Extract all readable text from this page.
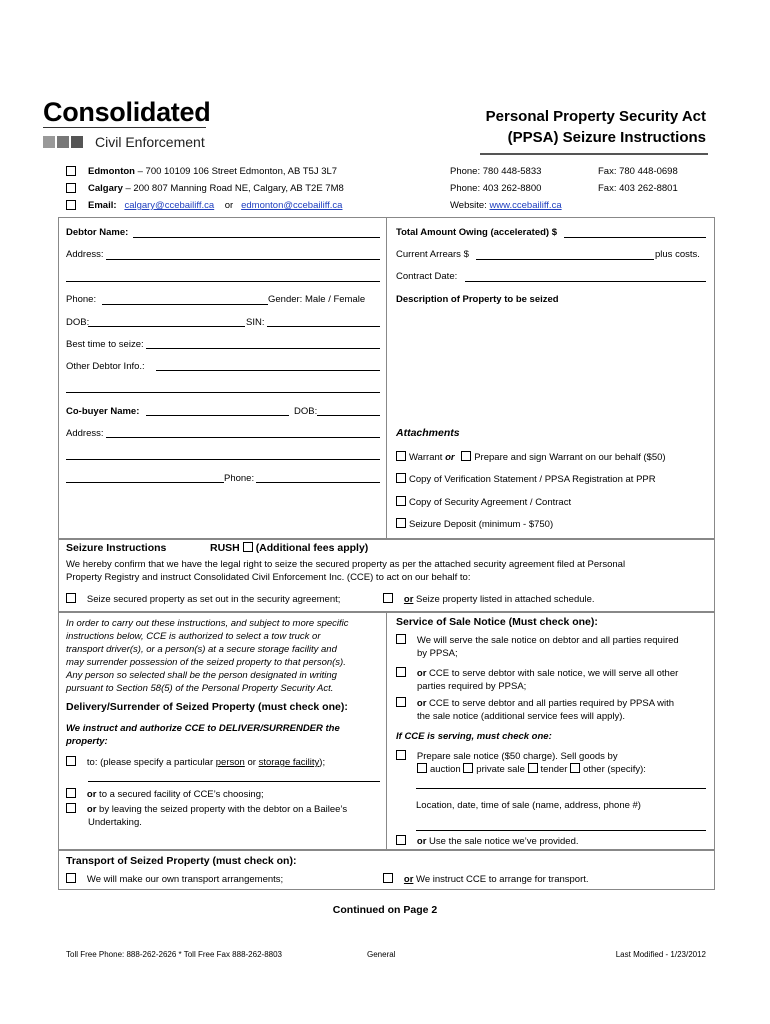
Consolidated
Civil Enforcement
Personal Property Security Act
(PPSA) Seizure Instructions
Edmonton – 700 10109 106 Street Edmonton, AB T5J 3L7	Phone: 780 448-5833	Fax: 780 448-0698
Calgary – 200 807 Manning Road NE, Calgary, AB T2E 7M8	Phone: 403 262-8800	Fax: 403 262-8801
Email: calgary@ccebailiff.ca or edmonton@ccebailiff.ca	Website: www.ccebailiff.ca
Debtor Name:
Address:
Phone:	Gender: Male / Female
DOB:	SIN:
Best time to seize:
Other Debtor Info.:
Co-buyer Name:	DOB:
Address:
Phone:
Total Amount Owing (accelerated) $
Current Arrears $	plus costs.
Contract Date:
Description of Property to be seized
Attachments
Warrant or Prepare and sign Warrant on our behalf ($50)
Copy of Verification Statement / PPSA Registration at PPR
Copy of Security Agreement / Contract
Seizure Deposit (minimum - $750)
Seizure Instructions	RUSH (Additional fees apply)
We hereby confirm that we have the legal right to seize the secured property as per the attached security agreement filed at Personal
Property Registry and instruct Consolidated Civil Enforcement Inc. (CCE) to act on our behalf to:
Seize secured property as set out in the security agreement;	or Seize property listed in attached schedule.
In order to carry out these instructions, and subject to more specific
instructions below, CCE is authorized to select a tow truck or
transport driver(s), or a person(s) at a secure storage facility and
may surrender possession of the seized property to that person(s).
Any person so selected shall be the person designated in writing
pursuant to Section 58(5) of the Personal Property Security Act.
Delivery/Surrender of Seized Property (must check one):
We instruct and authorize CCE to DELIVER/SURRENDER the
property:
to: (please specify a particular person or storage facility);
or to a secured facility of CCE’s choosing;
or by leaving the seized property with the debtor on a Bailee’s
Undertaking.
Service of Sale Notice (Must check one):
We will serve the sale notice on debtor and all parties required
by PPSA;
or CCE to serve debtor with sale notice, we will serve all other
parties required by PPSA;
or CCE to serve debtor and all parties required by PPSA with
the sale notice (additional service fees will apply).
If CCE is serving, must check one:
Prepare sale notice ($50 charge). Sell goods by
auction private sale tender other (specify):
Location, date, time of sale (name, address, phone #)
or Use the sale notice we’ve provided.
Transport of Seized Property (must check on):
We will make our own transport arrangements;	or We instruct CCE to arrange for transport.
Continued on Page 2
Toll Free Phone: 888-262-2626 * Toll Free Fax 888-262-8803	General	Last Modified - 1/23/2012
